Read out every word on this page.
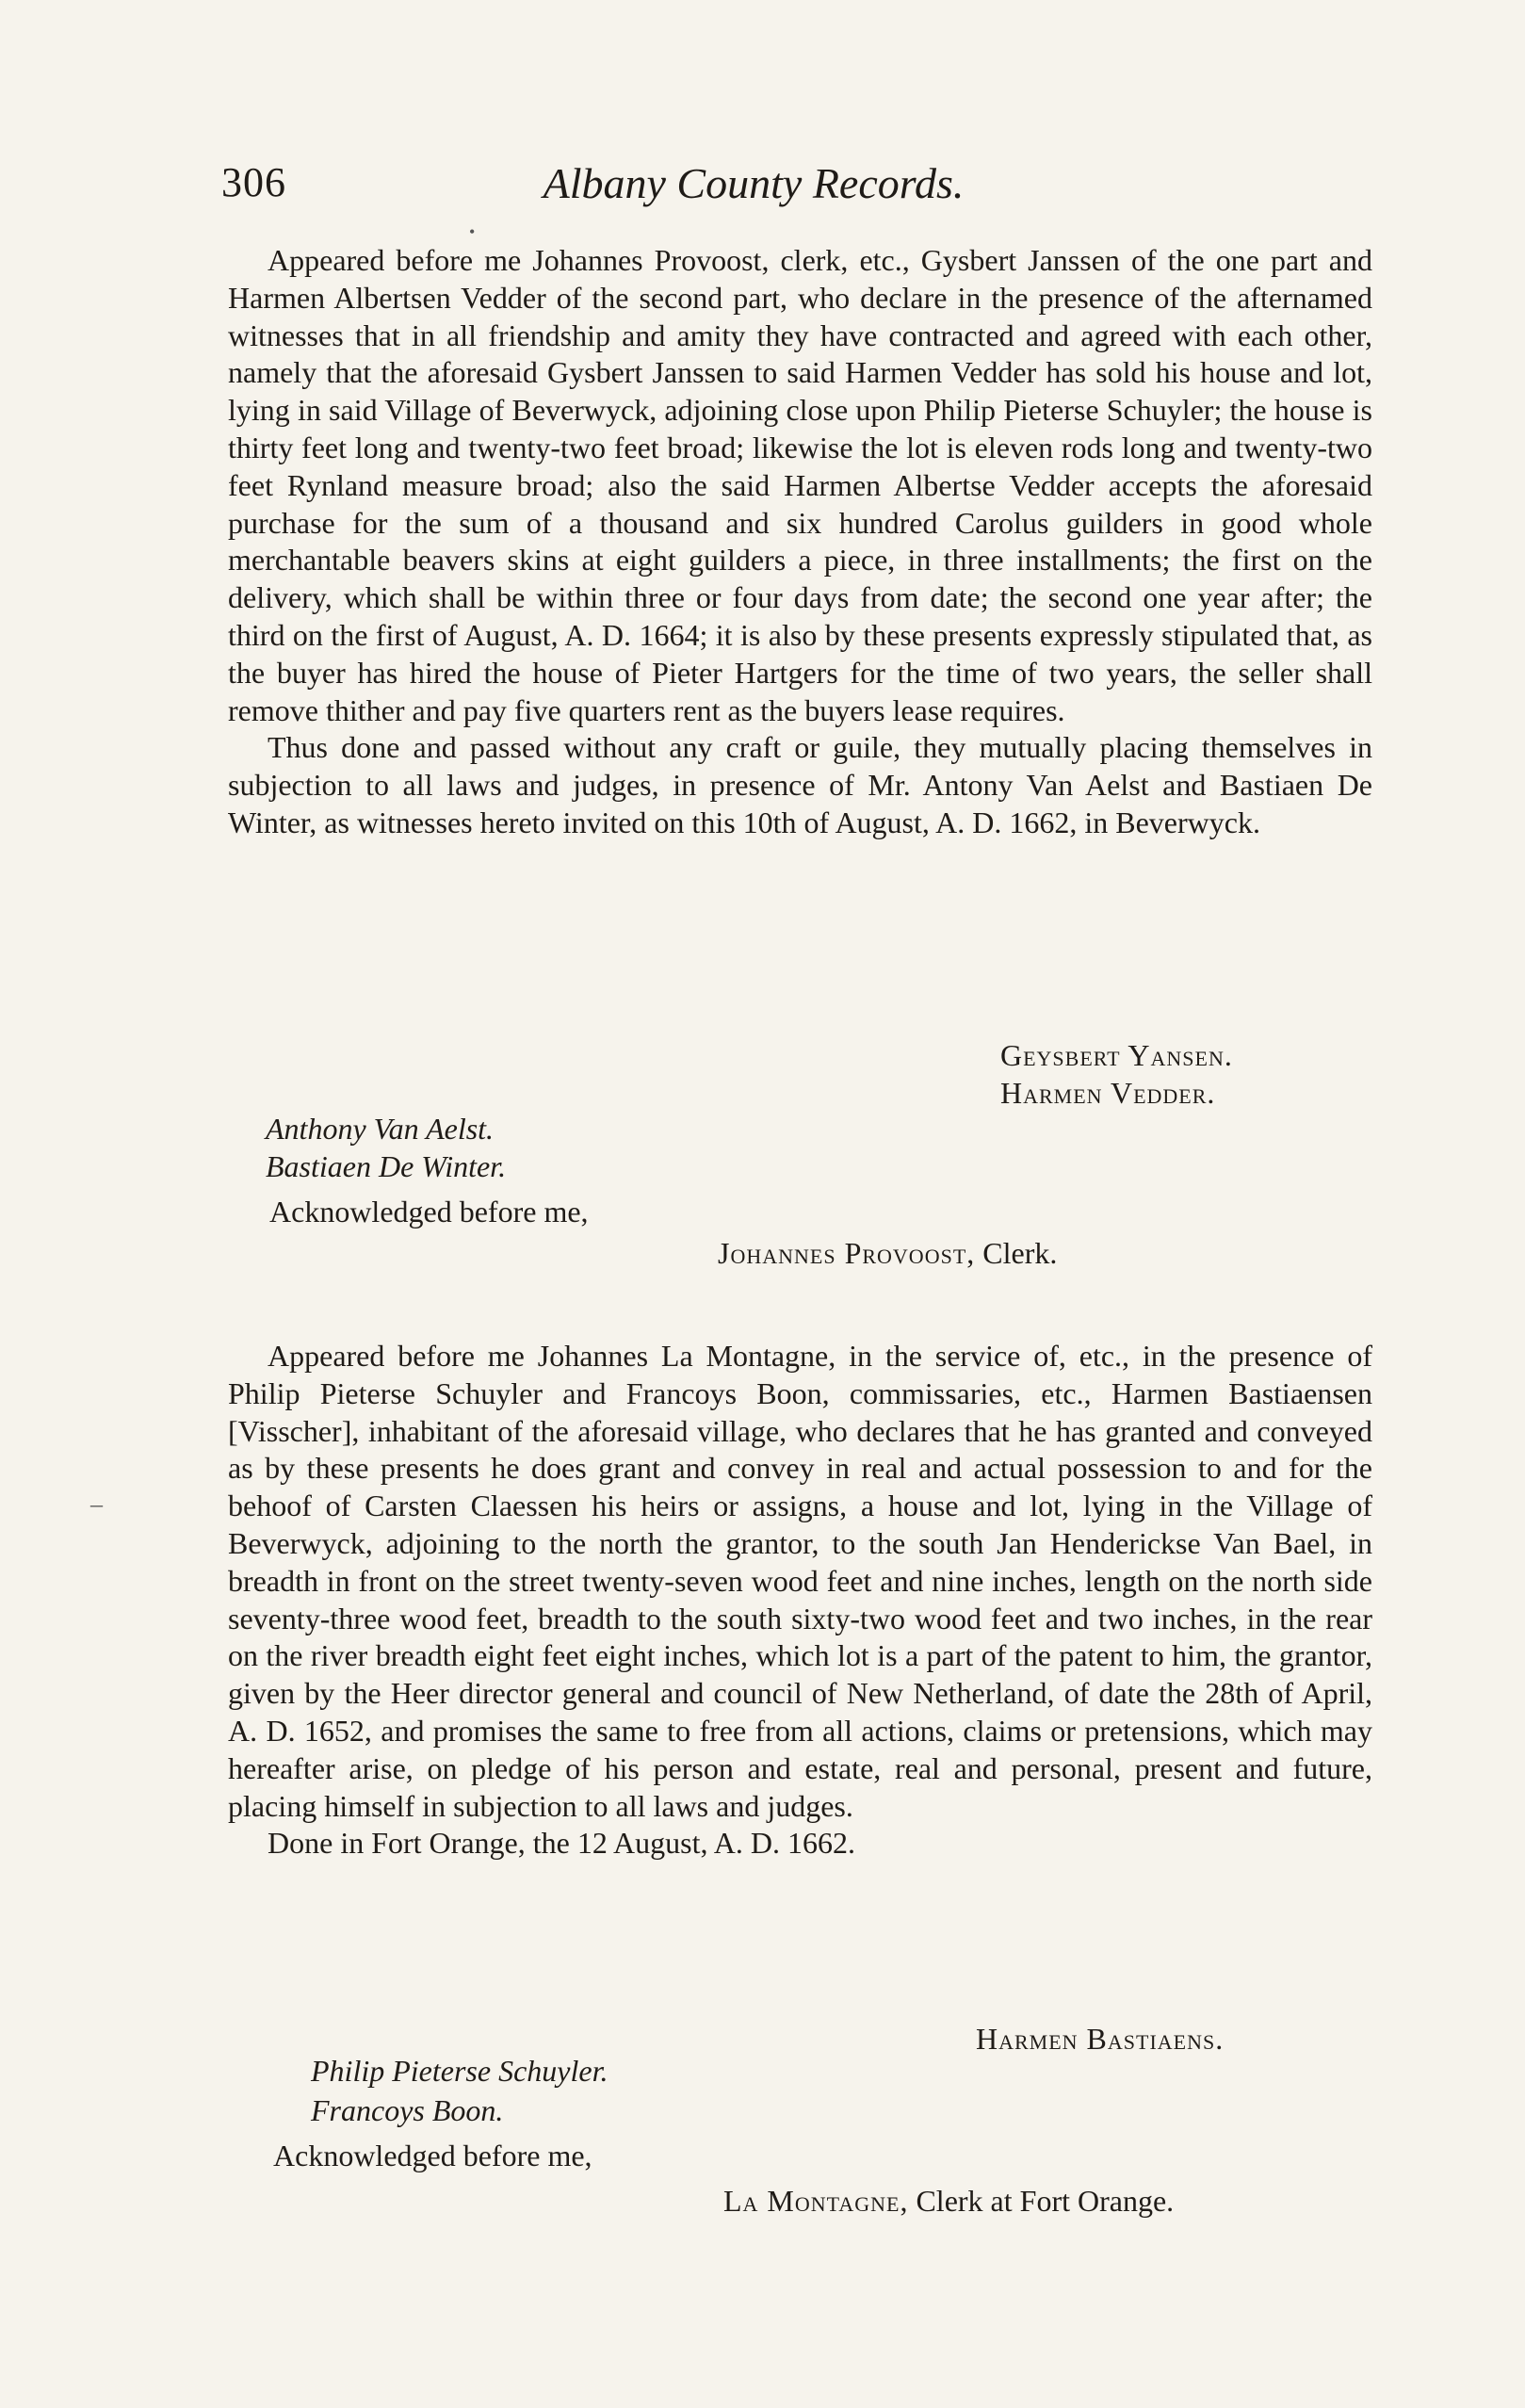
306	Albany County Records.
•

Appeared before me Johannes Provoost, clerk, etc., Gysbert Janssen of the one part and Harmen Albertsen Vedder of the second part, who declare in the presence of the afternamed witnesses that in all friendship and amity they have contracted and agreed with each other, namely that the aforesaid Gysbert Janssen to said Harmen Vedder has sold his house and lot, lying in said Village of Beverwyck, adjoining close upon Philip Pieterse Schuyler; the house is thirty feet long and twenty-two feet broad; likewise the lot is eleven rods long and twenty-two feet Rynland measure broad; also the said Harmen Albertse Vedder accepts the aforesaid purchase for the sum of a thousand and six hundred Carolus guilders in good whole merchantable beavers skins at eight guilders a piece, in three installments; the first on the delivery, which shall be within three or four days from date; the second one year after; the third on the first of August, A. D. 1664; it is also by these presents expressly stipulated that, as the buyer has hired the house of Pieter Hartgers for the time of two years, the seller shall remove thither and pay five quarters rent as the buyers lease requires.

Thus done and passed without any craft or guile, they mutually placing themselves in subjection to all laws and judges, in presence of Mr. Antony Van Aelst and Bastiaen De Winter, as witnesses hereto invited on this 10th of August, A. D. 1662, in Beverwyck.

Geysbert Yansen.
Harmen Vedder.
Anthony Van Aelst.
Bastiaen De Winter.
Acknowledged before me,
Johannes Provoost, Clerk.

Appeared before me Johannes La Montagne, in the service of, etc., in the presence of Philip Pieterse Schuyler and Francoys Boon, commissaries, etc., Harmen Bastiaensen [Visscher], inhabitant of the aforesaid village, who declares that he has granted and conveyed as by these presents he does grant and convey in real and actual possession to and for the behoof of Carsten Claessen his heirs or assigns, a house and lot, lying in the Village of Beverwyck, adjoining to the north the grantor, to the south Jan Henderickse Van Bael, in breadth in front on the street twenty-seven wood feet and nine inches, length on the north side seventy-three wood feet, breadth to the south sixty-two wood feet and two inches, in the rear on the river breadth eight feet eight inches, which lot is a part of the patent to him, the grantor, given by the Heer director general and council of New Netherland, of date the 28th of April, A. D. 1652, and promises the same to free from all actions, claims or pretensions, which may hereafter arise, on pledge of his person and estate, real and personal, present and future, placing himself in subjection to all laws and judges.

Done in Fort Orange, the 12 August, A. D. 1662.

–
Harmen Bastiaens.
Philip Pieterse Schuyler.
Francoys Boon.
Acknowledged before me,
La Montagne, Clerk at Fort Orange.
